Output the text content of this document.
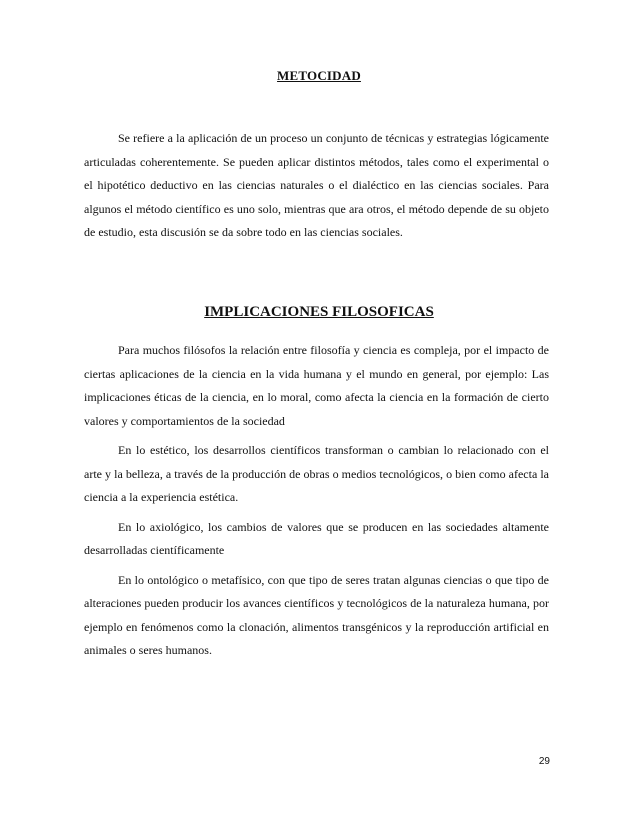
METOCIDAD

Se refiere a la aplicación de un proceso un conjunto de técnicas y estrategias lógicamente articuladas coherentemente. Se pueden aplicar distintos métodos, tales como el experimental o el hipotético deductivo en las ciencias naturales o el dialéctico en las ciencias sociales. Para algunos el método científico es uno solo, mientras que ara otros, el método depende de su objeto de estudio, esta discusión se da sobre todo en las ciencias sociales.

IMPLICACIONES FILOSOFICAS

Para muchos filósofos la relación entre filosofía y ciencia es compleja, por el impacto de ciertas aplicaciones de la ciencia en la vida humana y el mundo en general, por ejemplo: Las implicaciones éticas de la ciencia, en lo moral, como afecta la ciencia en la formación de cierto valores y comportamientos de la sociedad

En lo estético, los desarrollos científicos transforman o cambian lo relacionado con el arte y la belleza, a través de la producción de obras o medios tecnológicos, o bien como afecta la ciencia a la experiencia estética.

En lo axiológico, los cambios de valores que se producen en las sociedades altamente desarrolladas científicamente

En lo ontológico o metafísico, con que tipo de seres tratan algunas ciencias o que tipo de alteraciones pueden producir los avances científicos y tecnológicos de la naturaleza humana, por ejemplo en fenómenos como la clonación, alimentos transgénicos y la reproducción artificial en animales o seres humanos.

29
